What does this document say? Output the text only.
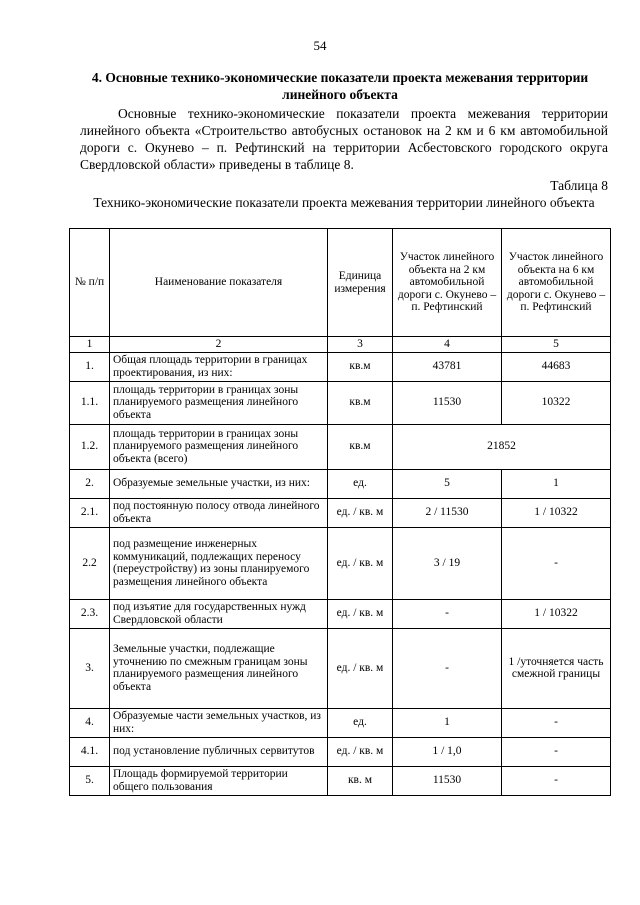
54
4. Основные технико-экономические показатели проекта межевания территории линейного объекта

Основные технико-экономические показатели проекта межевания территории линейного объекта «Строительство автобусных остановок на 2 км и 6 км автомобильной дороги с. Окунево – п. Рефтинский на территории Асбестовского городского округа Свердловской области» приведены в таблице 8.

Таблица 8
Технико-экономические показатели проекта межевания территории линейного объекта
№ п/п	Наименование показателя	Единица измерения	Участок линейного объекта на 2 км автомобильной дороги с. Окунево – п. Рефтинский	Участок линейного объекта на 6 км автомобильной дороги с. Окунево – п. Рефтинский
1	2	3	4	5
1.	Общая площадь территории в границах проектирования, из них:	кв.м	43781	44683
1.1.	площадь территории в границах зоны планируемого размещения линейного объекта	кв.м	11530	10322
1.2.	площадь территории в границах зоны планируемого размещения линейного объекта (всего)	кв.м	21852	
2.	Образуемые земельные участки, из них:	ед.	5	1
2.1.	под постоянную полосу отвода линейного объекта	ед. / кв. м	2 / 11530	1 / 10322
2.2	под размещение инженерных коммуникаций, подлежащих переносу (переустройству) из зоны планируемого размещения линейного объекта	ед. / кв. м	3 / 19	-
2.3.	под изъятие для государственных нужд Свердловской области	ед. / кв. м	-	1 / 10322
3.	Земельные участки, подлежащие уточнению по смежным границам зоны планируемого размещения линейного объекта	ед. / кв. м	-	1 /уточняется часть смежной границы
4.	Образуемые части земельных участков, из них:	ед.	1	-
4.1.	под установление публичных сервитутов	ед. / кв. м	1 / 1,0	-
5.	Площадь формируемой территории общего пользования	кв. м	11530	-
